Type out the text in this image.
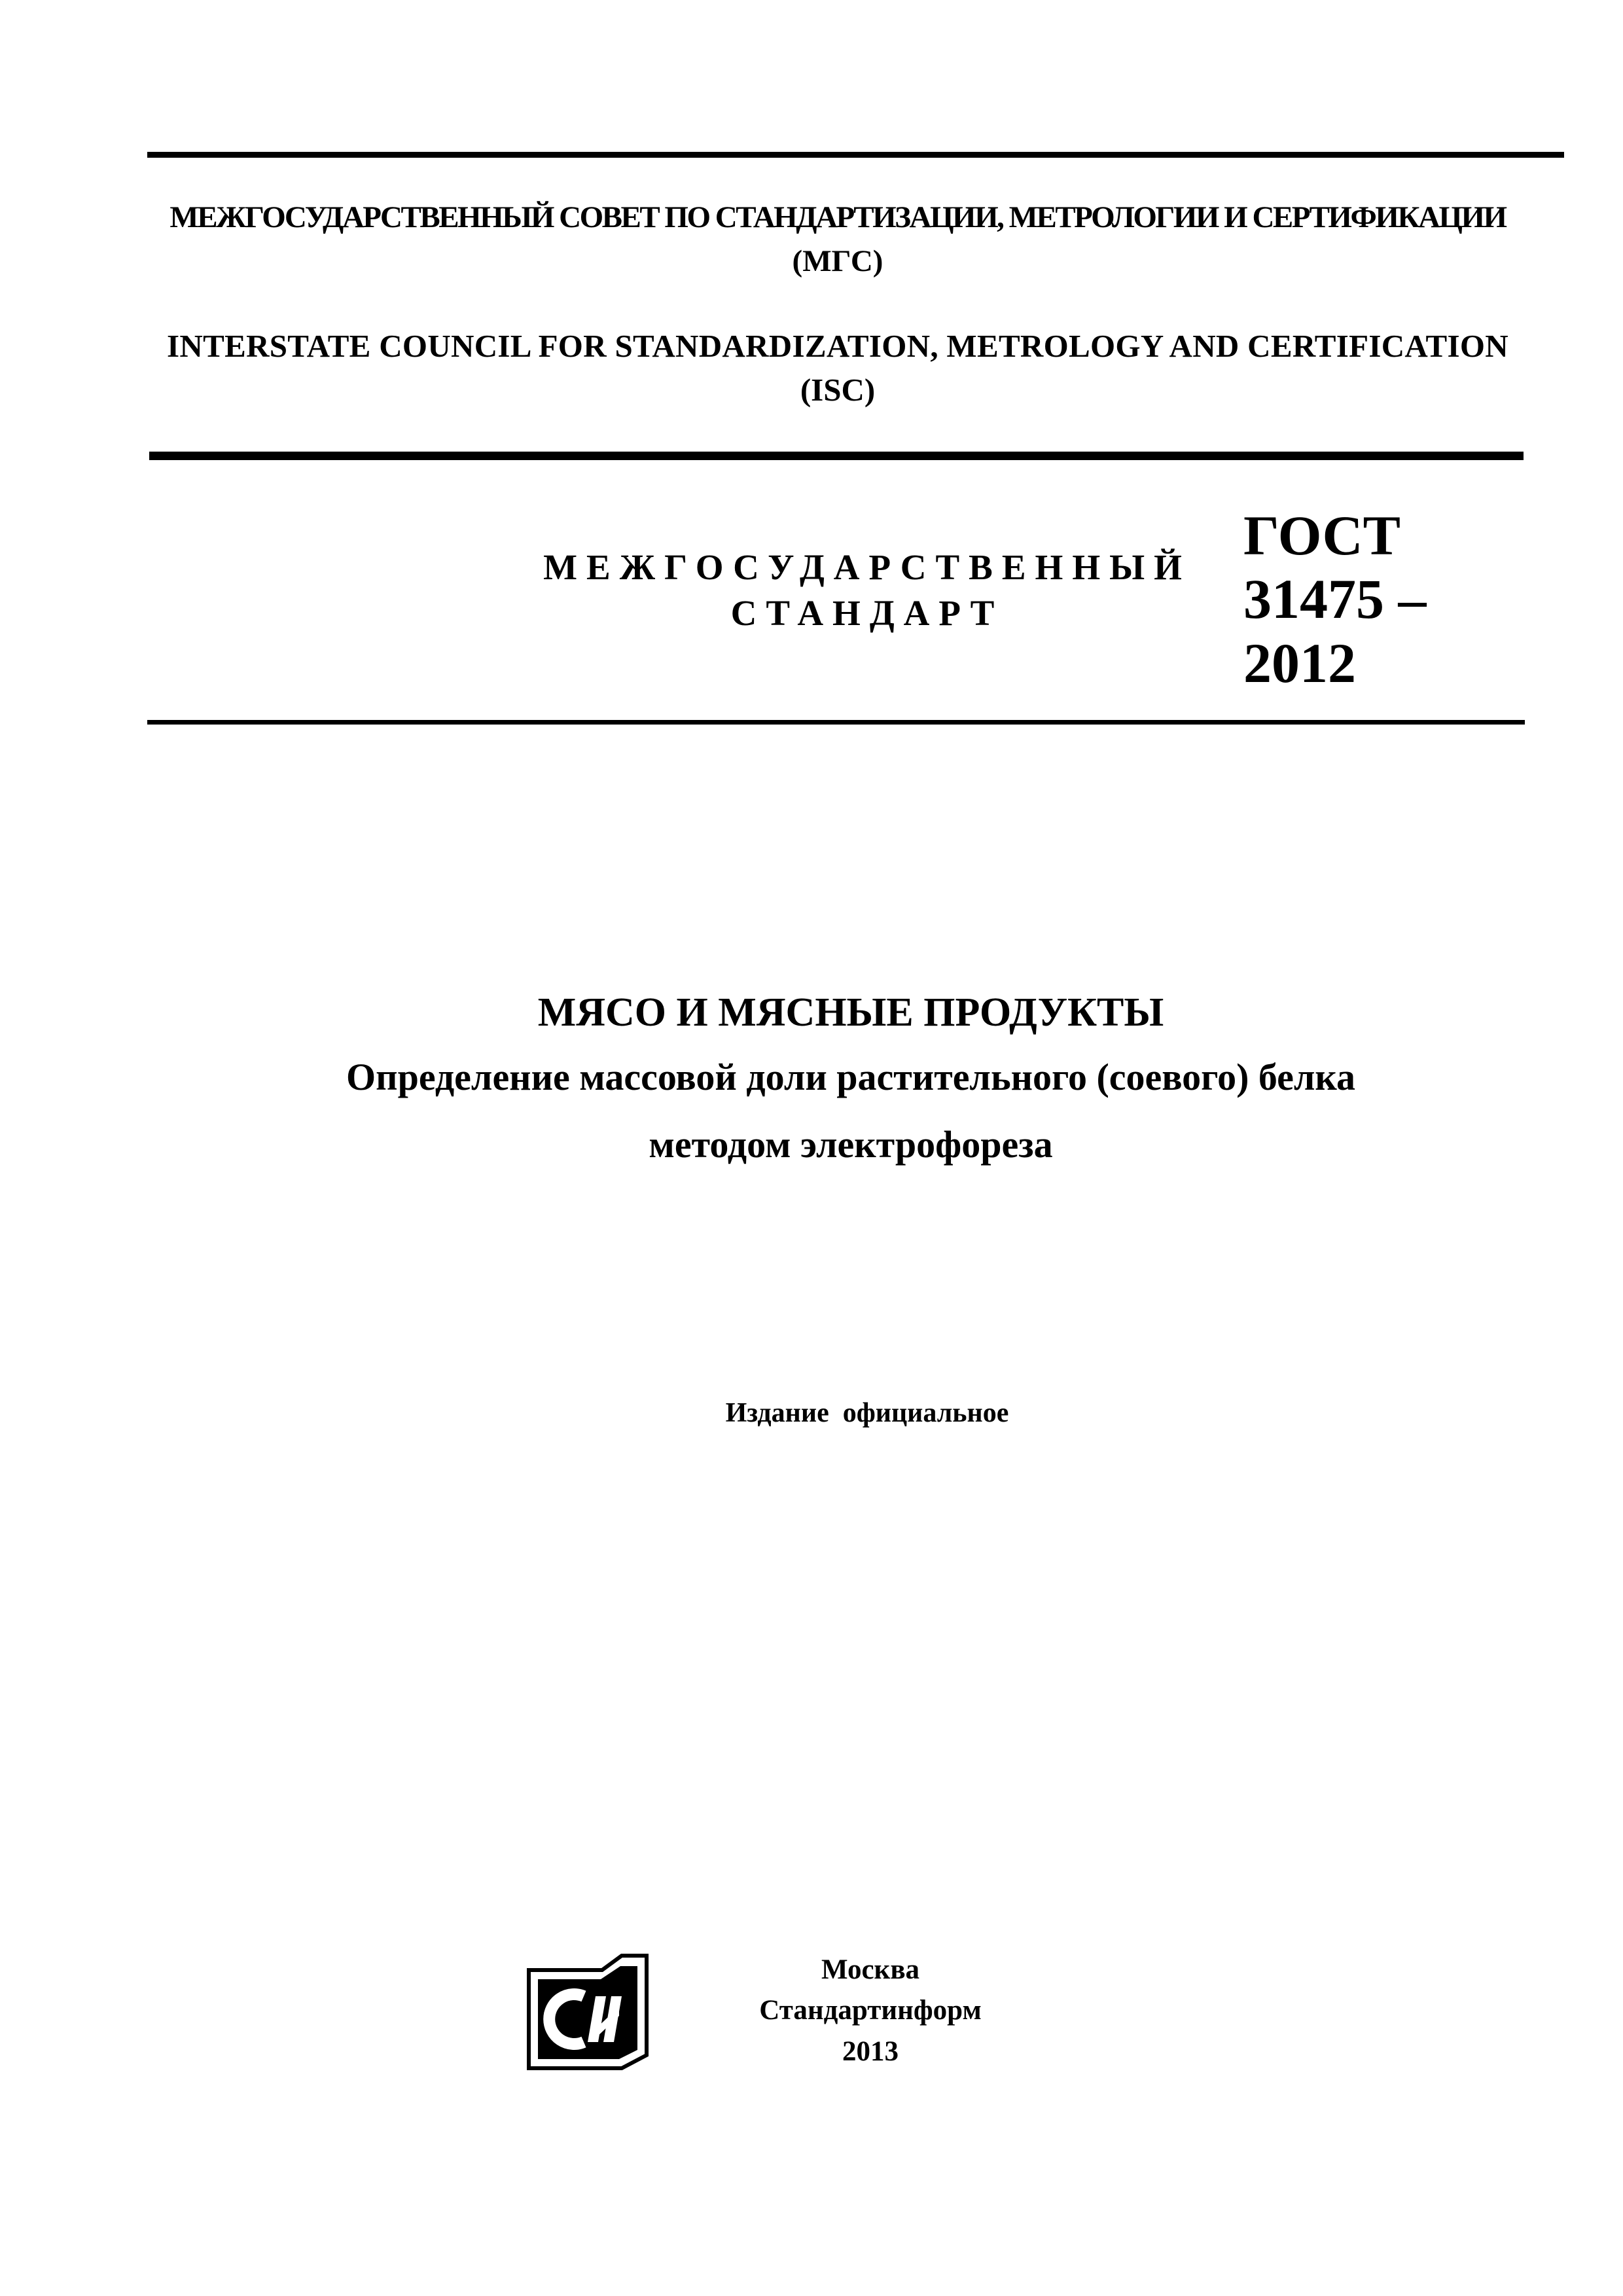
МЕЖГОСУДАРСТВЕННЫЙ СОВЕТ ПО СТАНДАРТИЗАЦИИ, МЕТРОЛОГИИ И СЕРТИФИКАЦИИ

(МГС)

INTERSTATE COUNCIL FOR STANDARDIZATION, METROLOGY AND CERTIFICATION

(ISC)

МЕЖГОСУДАРСТВЕННЫЙ

СТАНДАРТ

ГОСТ

31475 –

2012

МЯСО И МЯСНЫЕ ПРОДУКТЫ

Определение массовой доли растительного (соевого) белка

методом электрофореза

Издание  официальное

Москва

Стандартинформ

2013
